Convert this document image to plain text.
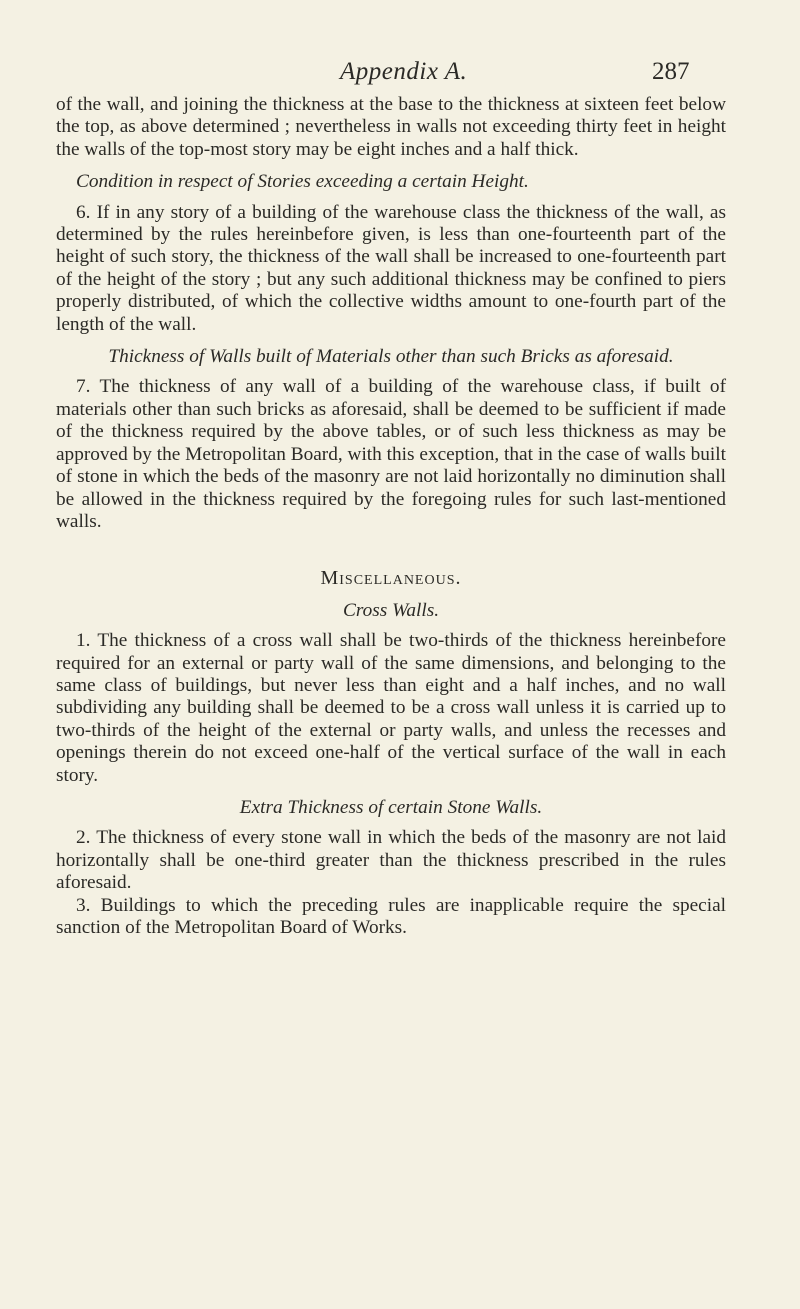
Appendix A.	287

of the wall, and joining the thickness at the base to the thickness at sixteen feet below the top, as above determined ; nevertheless in walls not exceeding thirty feet in height the walls of the top-most story may be eight inches and a half thick.

Condition in respect of Stories exceeding a certain Height.

6. If in any story of a building of the warehouse class the thickness of the wall, as determined by the rules hereinbefore given, is less than one-fourteenth part of the height of such story, the thickness of the wall shall be increased to one-fourteenth part of the height of the story ; but any such additional thickness may be confined to piers properly distributed, of which the collective widths amount to one-fourth part of the length of the wall.

Thickness of Walls built of Materials other than such Bricks as aforesaid.

7. The thickness of any wall of a building of the warehouse class, if built of materials other than such bricks as aforesaid, shall be deemed to be sufficient if made of the thickness required by the above tables, or of such less thickness as may be approved by the Metropolitan Board, with this exception, that in the case of walls built of stone in which the beds of the masonry are not laid horizontally no diminution shall be allowed in the thickness required by the foregoing rules for such last-mentioned walls.

Miscellaneous.
Cross Walls.

1. The thickness of a cross wall shall be two-thirds of the thickness hereinbefore required for an external or party wall of the same dimensions, and belonging to the same class of buildings, but never less than eight and a half inches, and no wall subdividing any building shall be deemed to be a cross wall unless it is carried up to two-thirds of the height of the external or party walls, and unless the recesses and openings therein do not exceed one-half of the vertical surface of the wall in each story.

Extra Thickness of certain Stone Walls.

2. The thickness of every stone wall in which the beds of the masonry are not laid horizontally shall be one-third greater than the thickness prescribed in the rules aforesaid.

3. Buildings to which the preceding rules are inapplicable require the special sanction of the Metropolitan Board of Works.
